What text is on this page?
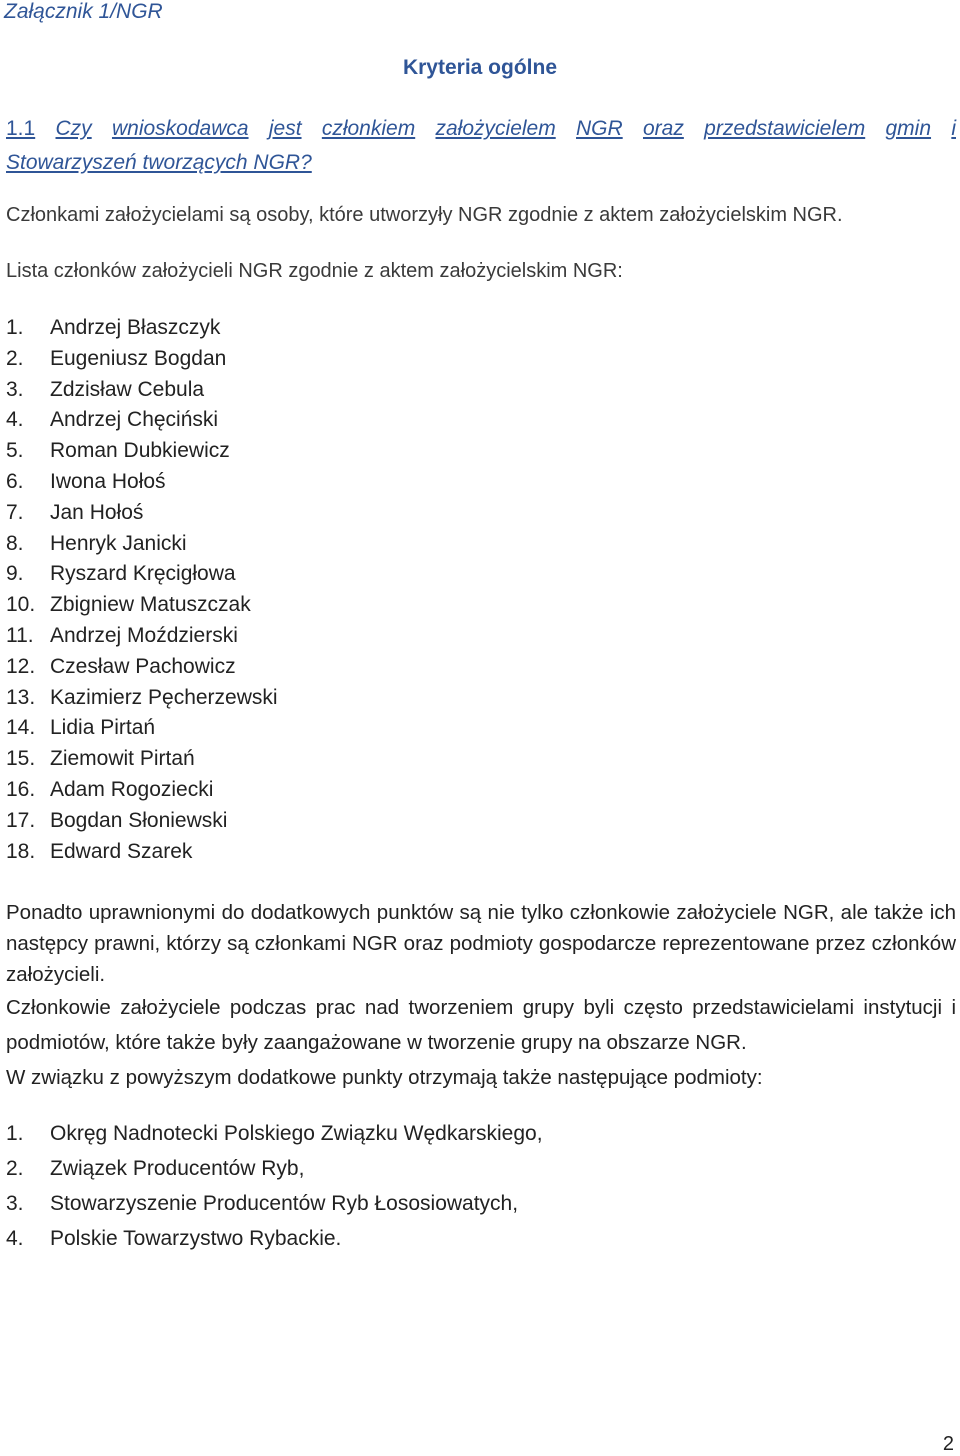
Załącznik 1/NGR
Kryteria ogólne
1.1 Czy wnioskodawca jest członkiem założycielem NGR oraz przedstawicielem gmin i
Stowarzyszeń tworzących NGR?
Członkami założycielami są osoby, które utworzyły NGR zgodnie z aktem założycielskim NGR.
Lista członków założycieli NGR zgodnie z aktem założycielskim NGR:
1.	Andrzej Błaszczyk
2.	Eugeniusz Bogdan
3.	Zdzisław Cebula
4.	Andrzej Chęciński
5.	Roman Dubkiewicz
6.	Iwona Hołoś
7.	Jan Hołoś
8.	Henryk Janicki
9.	Ryszard Kręcigłowa
10. Zbigniew Matuszczak
11. Andrzej Moździerski
12. Czesław Pachowicz
13. Kazimierz Pęcherzewski
14. Lidia Pirtań
15. Ziemowit Pirtań
16. Adam Rogoziecki
17. Bogdan Słoniewski
18. Edward Szarek

Ponadto uprawnionymi do dodatkowych punktów są nie tylko członkowie założyciele NGR, ale także ich następcy prawni, którzy są członkami NGR oraz podmioty gospodarcze reprezentowane przez członków założycieli.

Członkowie założyciele podczas prac nad tworzeniem grupy byli często przedstawicielami instytucji i podmiotów, które także były zaangażowane w tworzenie grupy na obszarze NGR.

W związku z powyższym dodatkowe punkty otrzymają także następujące podmioty:

1.	Okręg Nadnotecki Polskiego Związku Wędkarskiego,
2.	Związek Producentów Ryb,
3.	Stowarzyszenie Producentów Ryb Łososiowatych,
4.	Polskie Towarzystwo Rybackie.
2
